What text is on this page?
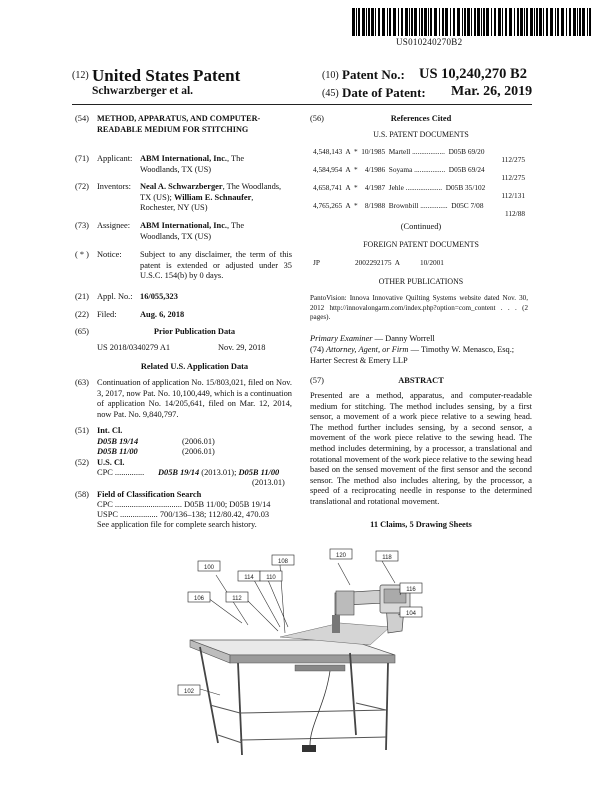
US010240270B2
(12) United States Patent
Schwarzberger et al.
(10) Patent No.: US 10,240,270 B2
(45) Date of Patent: Mar. 26, 2019
(54) METHOD, APPARATUS, AND COMPUTER-READABLE MEDIUM FOR STITCHING
(71) Applicant: ABM International, Inc., The Woodlands, TX (US)
(72) Inventors: Neal A. Schwarzberger, The Woodlands, TX (US); William E. Schnaufer, Rochester, NY (US)
(73) Assignee: ABM International, Inc., The Woodlands, TX (US)
( * ) Notice: Subject to any disclaimer, the term of this patent is extended or adjusted under 35 U.S.C. 154(b) by 0 days.
(21) Appl. No.: 16/055,323
(22) Filed:	Aug. 6, 2018
(65)	Prior Publication Data
US 2018/0340279 A1	Nov. 29, 2018
Related U.S. Application Data
(63) Continuation of application No. 15/803,021, filed on Nov. 3, 2017, now Pat. No. 10,100,449, which is a continuation of application No. 14/205,641, filed on Mar. 12, 2014, now Pat. No. 9,840,797.
(51) Int. Cl.
D05B 19/14	(2006.01)
D05B 11/00	(2006.01)
(52) U.S. Cl.
CPC .............. D05B 19/14 (2013.01); D05B 11/00
(2013.01)
(58) Field of Classification Search
CPC ................................ D05B 11/00; D05B 19/14
USPC .................. 700/136–138; 112/80.42, 470.03
See application file for complete search history.
(56)	References Cited
U.S. PATENT DOCUMENTS
4,548,143  A  *  10/1985  Martell ..................  D05B 69/20
112/275
4,584,954  A  *    4/1986  Soyama .................  D05B 69/24
112/275
4,658,741  A  *    4/1987  Jehle ....................  D05B 35/102
112/131
4,765,265  A  *    8/1988  Brownbill ...............  D05C 7/08
112/88
(Continued)
FOREIGN PATENT DOCUMENTS
JP	2002292175  A	10/2001
OTHER PUBLICATIONS
PantoVision: Innova Innovative Quilting Systems website dated Nov. 30, 2012 http://innovalongarm.com/index.php?option=com_content . . . (2 pages).
Primary Examiner — Danny Worrell
(74) Attorney, Agent, or Firm — Timothy W. Menasco, Esq.; Harter Secrest & Emery LLP
(57)	ABSTRACT
Presented are a method, apparatus, and computer-readable medium for stitching. The method includes sensing, by a first sensor, a movement of a work piece relative to a sewing head. The method further includes sensing, by a second sensor, a movement of the work piece relative to the sewing head. The method includes determining, by a processor, a translational and rotational movement of the work piece relative to the sewing head based on the sensed movement of the first sensor and the second sensor. The method also includes altering, by the processor, a speed of a reciprocating needle in response to the determined translational and rotational movement.
11 Claims, 5 Drawing Sheets
100
108
120	118
114 110
116
106	112
104
102
